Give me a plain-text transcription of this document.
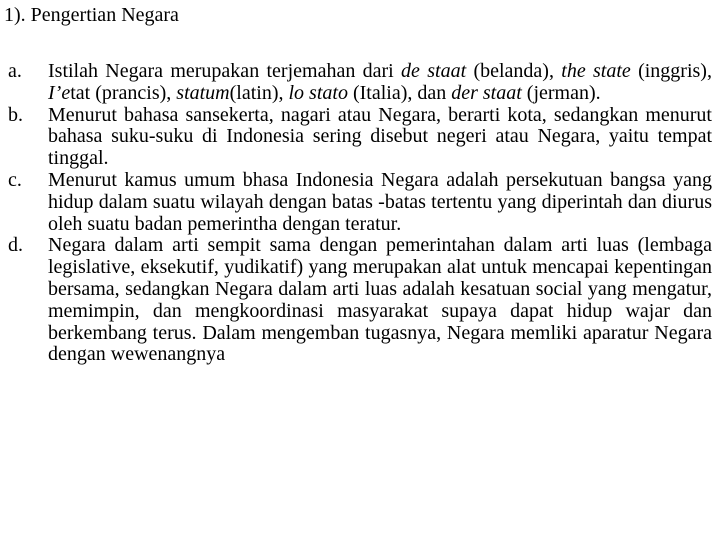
1). Pengertian Negara
a. Istilah Negara merupakan terjemahan dari de staat (belanda), the state (inggris), I’etat (prancis), statum(latin), lo stato (Italia), dan der staat (jerman).
b. Menurut bahasa sansekerta, nagari atau Negara, berarti kota, sedangkan menurut bahasa suku-suku di Indonesia sering disebut negeri atau Negara, yaitu tempat tinggal.
c. Menurut kamus umum bhasa Indonesia Negara adalah persekutuan bangsa yang hidup dalam suatu wilayah dengan batas -batas tertentu yang diperintah dan diurus oleh suatu badan pemerintha dengan teratur.
d. Negara dalam arti sempit sama dengan pemerintahan dalam arti luas (lembaga legislative, eksekutif, yudikatif) yang merupakan alat untuk mencapai kepentingan bersama, sedangkan Negara dalam arti luas adalah kesatuan social yang mengatur, memimpin, dan mengkoordinasi masyarakat supaya dapat hidup wajar dan berkembang terus. Dalam mengemban tugasnya, Negara memliki aparatur Negara dengan wewenangnya
